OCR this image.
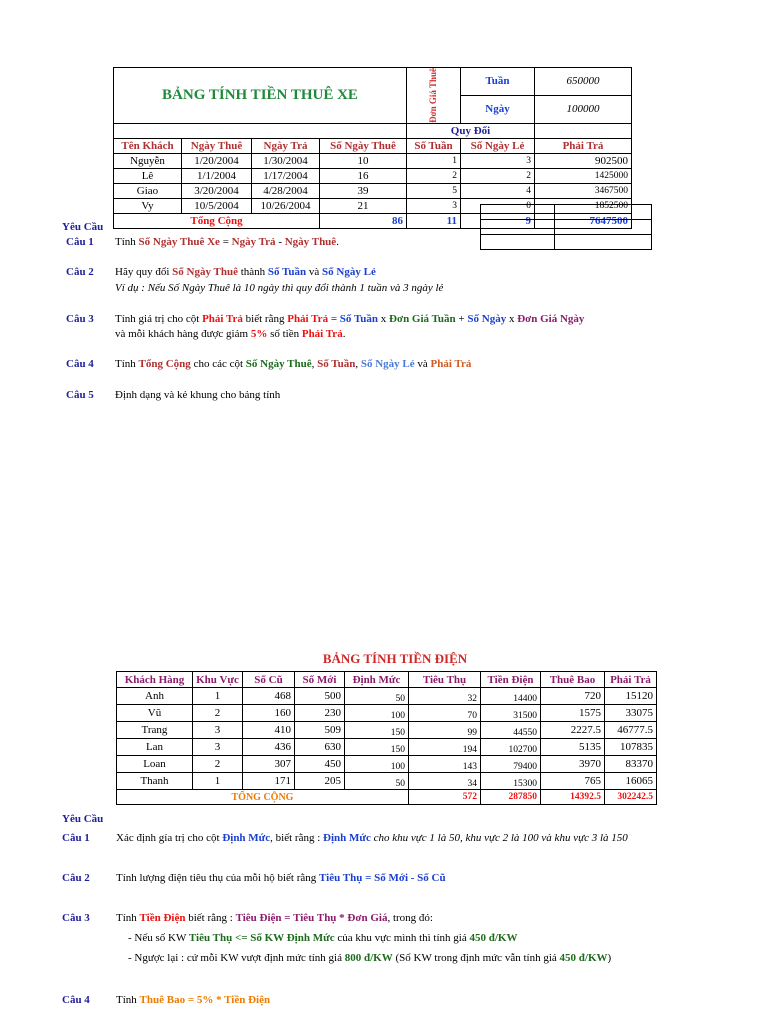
BẢNG TÍNH TIỀN THUÊ XE				Đơn Giá Thuê	Tuần	650000
					Ngày	100000
				Quy Đổi		
Tên Khách	Ngày Thuê	Ngày Trả	Số Ngày Thuê	Số Tuần	Số Ngày Lẻ	Phải Trả
Nguyễn	1/20/2004	1/30/2004	10	1	3	902500
Lê	1/1/2004	1/17/2004	16	2	2	1425000
Giao	3/20/2004	4/28/2004	39	5	4	3467500
Vy	10/5/2004	10/26/2004	21	3	0	1852500
Tổng Cộng			86	11	9	7647500

Yêu Cầu
Câu 1	Tính Số Ngày Thuê Xe = Ngày Trả - Ngày Thuê.
Câu 2	Hãy quy đổi Số Ngày Thuê thành Số Tuần và Số Ngày Lẻ
Ví dụ : Nếu Số Ngày Thuê là 10 ngày thì quy đổi thành 1 tuần và 3 ngày lẻ
Câu 3	Tính giá trị cho cột Phải Trả biết rằng Phải Trả = Số Tuần x Đơn Giá Tuần + Số Ngày x Đơn Giá Ngày
và mỗi khách hàng được giảm 5% số tiền Phải Trả.
Câu 4	Tính Tổng Cộng cho các cột Số Ngày Thuê, Số Tuần, Số Ngày Lẻ và Phải Trả
Câu 5	Định dạng và kẻ khung cho bảng tính
BẢNG TÍNH TIỀN ĐIỆN
Khách Hàng	Khu Vực	Số Cũ	Số Mới	Định Mức	Tiêu Thụ	Tiền Điện	Thuê Bao	Phải Trả
Anh	1	468	500	50	32	14400	720	15120
Vũ	2	160	230	100	70	31500	1575	33075
Trang	3	410	509	150	99	44550	2227.5	46777.5
Lan	3	436	630	150	194	102700	5135	107835
Loan	2	307	450	100	143	79400	3970	83370
Thanh	1	171	205	50	34	15300	765	16065
TỔNG CỘNG					572	287850	14392.5	302242.5
Yêu Cầu
Câu 1	Xác định gía trị cho cột Định Mức, biết rằng : Định Mức cho khu vực 1 là 50, khu vực 2 là 100 và khu vực 3 là 150
Câu 2	Tính lượng điện tiêu thụ của mỗi hộ biết rằng Tiêu Thụ = Số Mới - Số Cũ
Câu 3	Tính Tiền Điện biết rằng : Tiêu Điện = Tiêu Thụ * Đơn Giá, trong đó:
- Nếu số KW Tiêu Thụ <= Số KW Định Mức của khu vực mình thì tính giá 450 đ/KW
- Ngược lại : cứ mỗi KW vượt định mức tính giá 800 đ/KW (Số KW trong định mức vẫn tính giá 450 đ/KW)
Câu 4	Tính Thuê Bao = 5% * Tiền Điện
